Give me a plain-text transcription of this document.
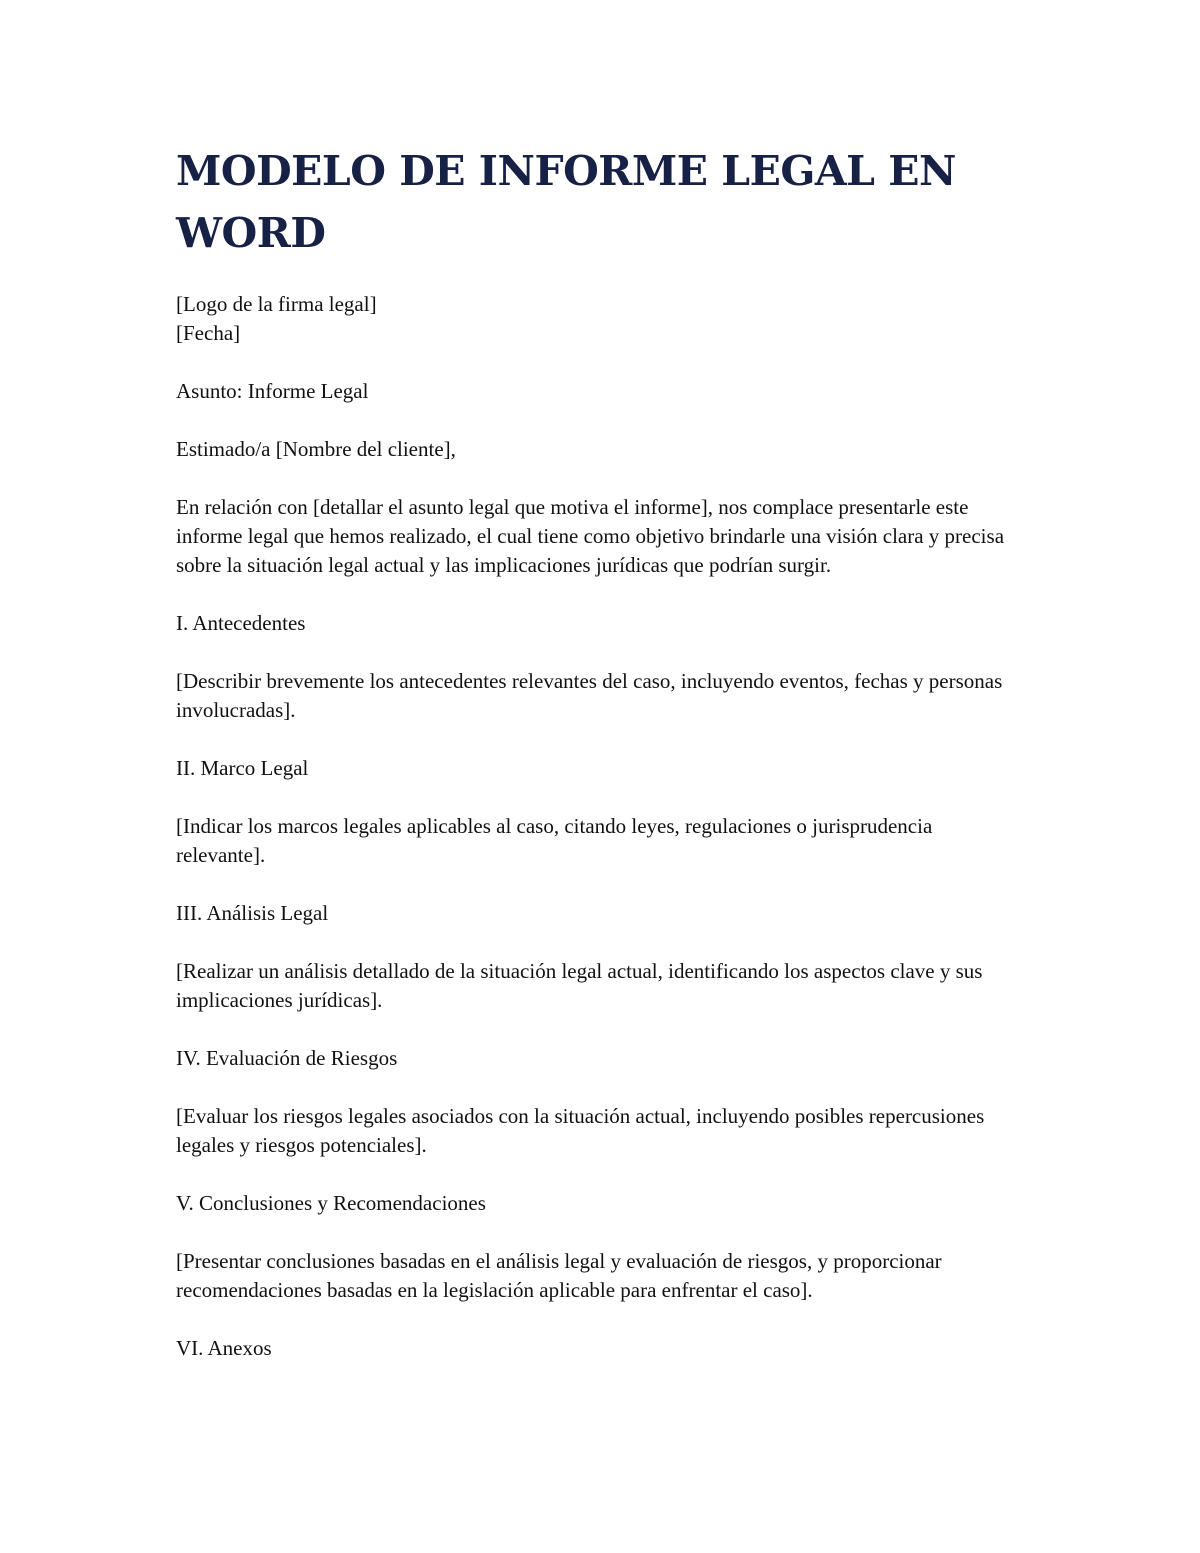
MODELO DE INFORME LEGAL EN WORD

[Logo de la firma legal]

[Fecha]

Asunto: Informe Legal

Estimado/a [Nombre del cliente],

En relación con [detallar el asunto legal que motiva el informe], nos complace presentarle este informe legal que hemos realizado, el cual tiene como objetivo brindarle una visión clara y precisa sobre la situación legal actual y las implicaciones jurídicas que podrían surgir.

I. Antecedentes

[Describir brevemente los antecedentes relevantes del caso, incluyendo eventos, fechas y personas involucradas].

II. Marco Legal

[Indicar los marcos legales aplicables al caso, citando leyes, regulaciones o jurisprudencia relevante].

III. Análisis Legal

[Realizar un análisis detallado de la situación legal actual, identificando los aspectos clave y sus implicaciones jurídicas].

IV. Evaluación de Riesgos

[Evaluar los riesgos legales asociados con la situación actual, incluyendo posibles repercusiones legales y riesgos potenciales].

V. Conclusiones y Recomendaciones

[Presentar conclusiones basadas en el análisis legal y evaluación de riesgos, y proporcionar recomendaciones basadas en la legislación aplicable para enfrentar el caso].

VI. Anexos
